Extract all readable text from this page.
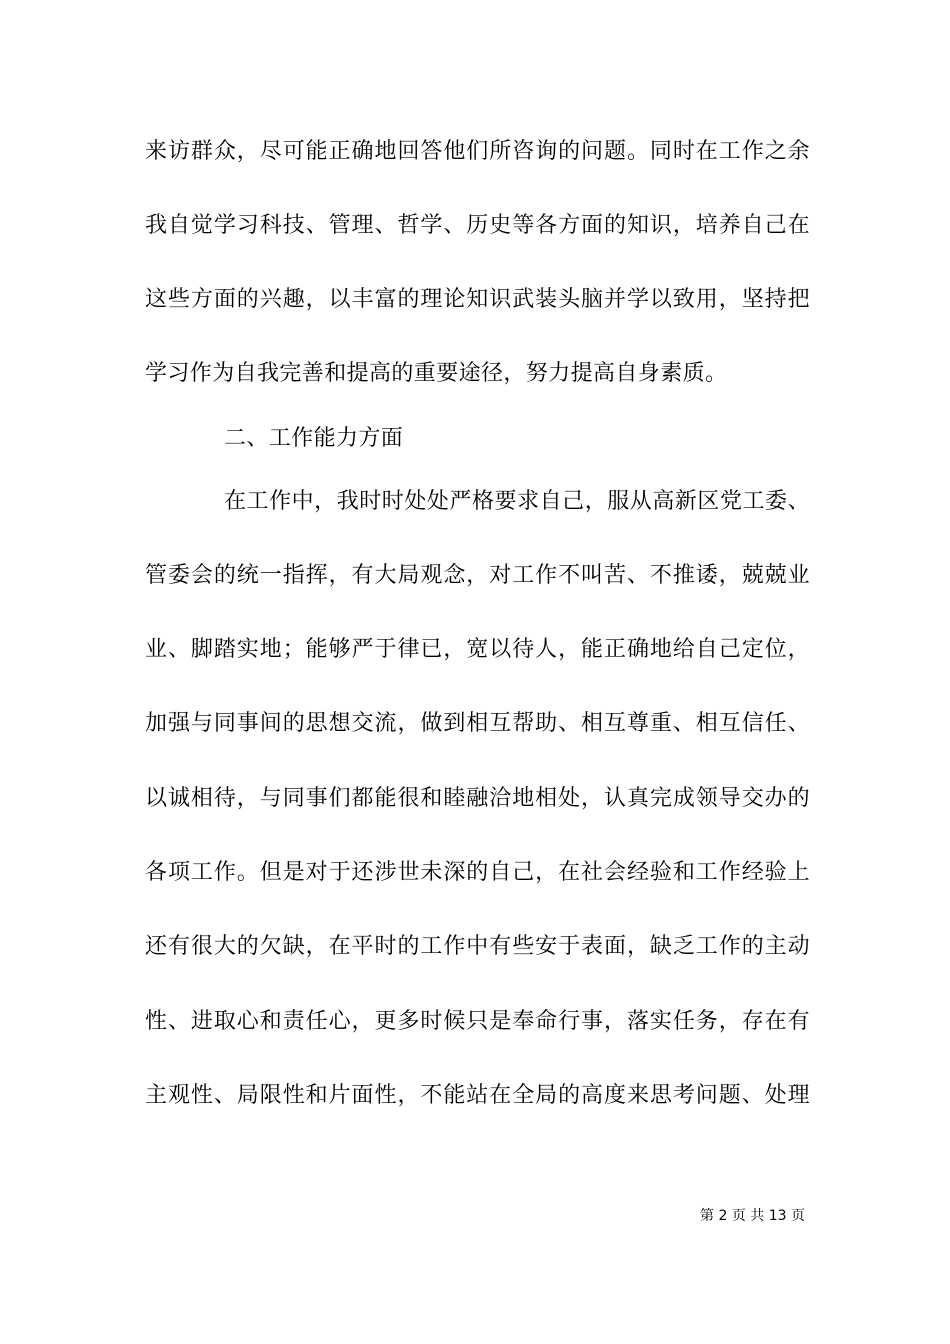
来访群众，尽可能正确地回答他们所咨询的问题。同时在工作之余
我自觉学习科技、管理、哲学、历史等各方面的知识，培养自己在
这些方面的兴趣，以丰富的理论知识武装头脑并学以致用，坚持把
学习作为自我完善和提高的重要途径，努力提高自身素质。
二、工作能力方面
在工作中，我时时处处严格要求自己，服从高新区党工委、
管委会的统一指挥，有大局观念，对工作不叫苦、不推诿，兢兢业
业、脚踏实地；能够严于律已，宽以待人，能正确地给自己定位，
加强与同事间的思想交流，做到相互帮助、相互尊重、相互信任、
以诚相待，与同事们都能很和睦融洽地相处，认真完成领导交办的
各项工作。但是对于还涉世未深的自己，在社会经验和工作经验上
还有很大的欠缺，在平时的工作中有些安于表面，缺乏工作的主动
性、进取心和责任心，更多时候只是奉命行事，落实任务，存在有
主观性、局限性和片面性，不能站在全局的高度来思考问题、处理
第 2 页 共 13 页
